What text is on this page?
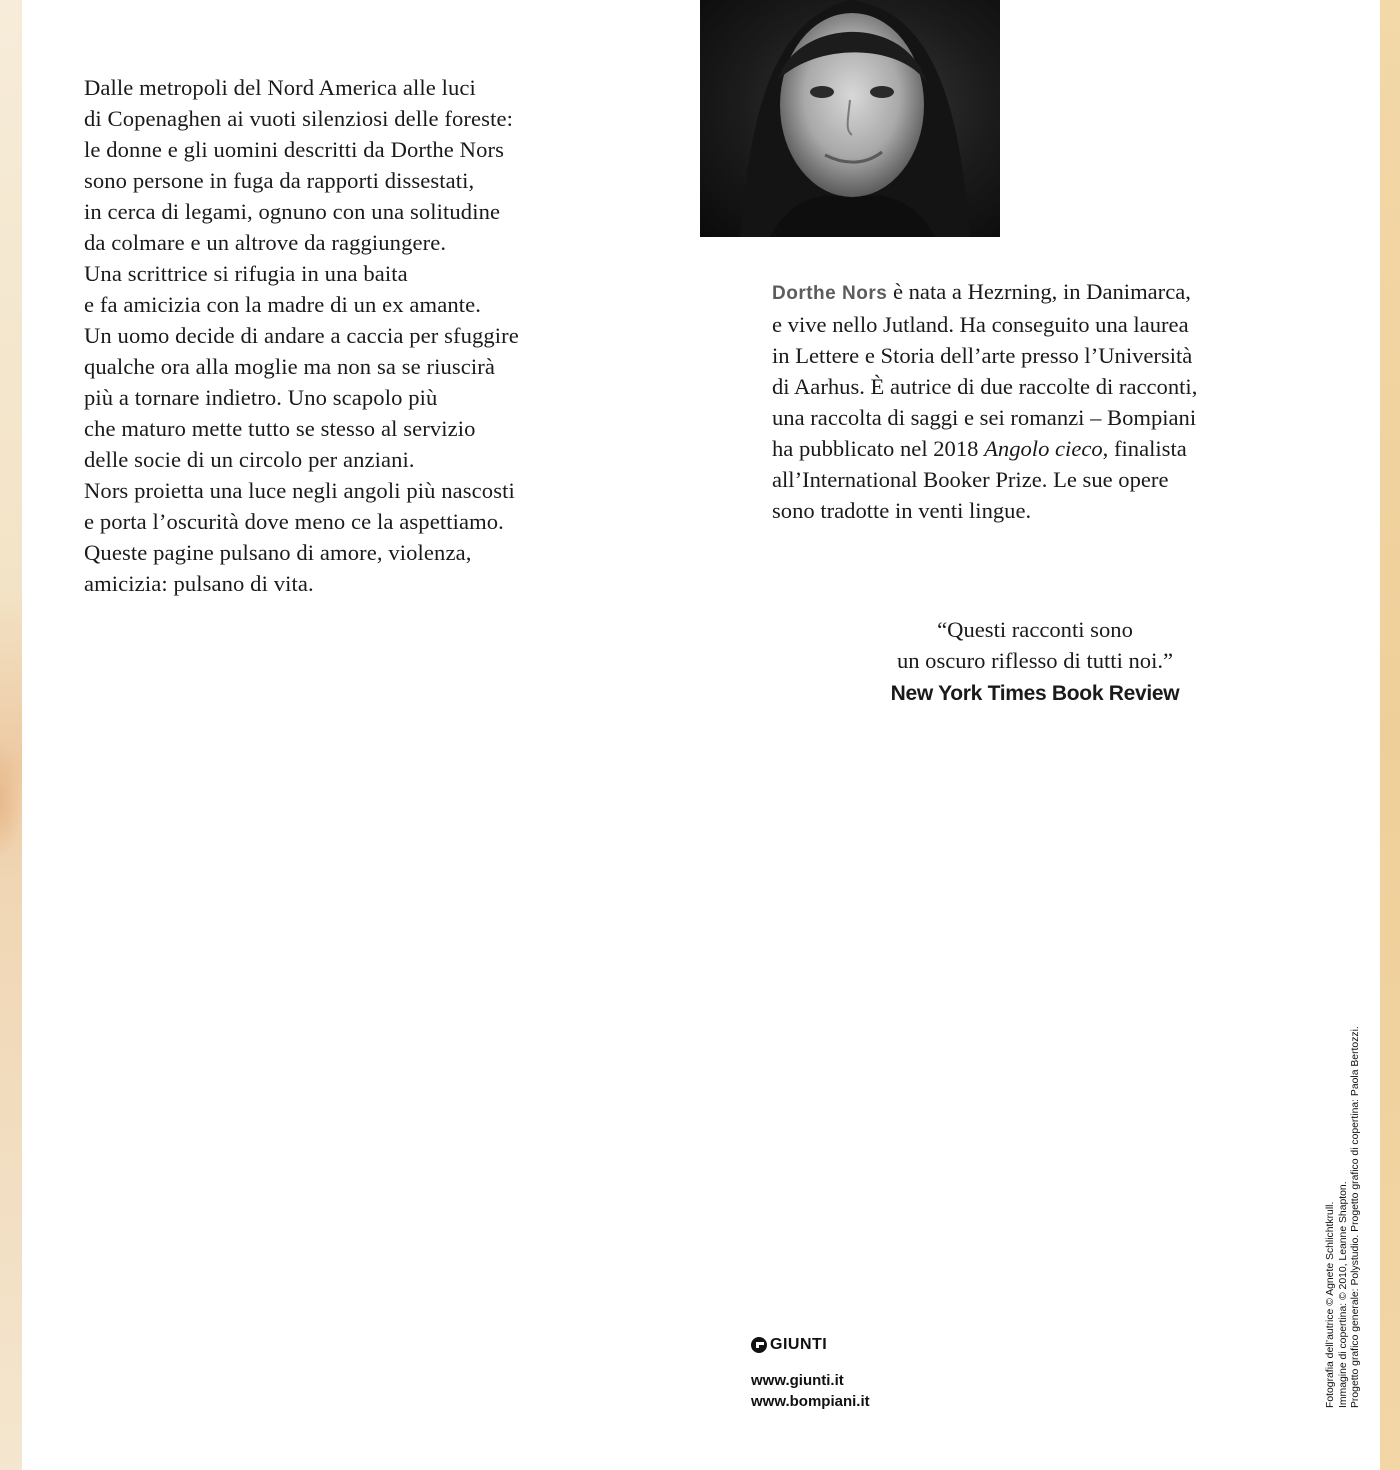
Dalle metropoli del Nord America alle luci
di Copenaghen ai vuoti silenziosi delle foreste:
le donne e gli uomini descritti da Dorthe Nors
sono persone in fuga da rapporti dissestati,
in cerca di legami, ognuno con una solitudine
da colmare e un altrove da raggiungere.
Una scrittrice si rifugia in una baita
e fa amicizia con la madre di un ex amante.
Un uomo decide di andare a caccia per sfuggire
qualche ora alla moglie ma non sa se riuscirà
più a tornare indietro. Uno scapolo più
che maturo mette tutto se stesso al servizio
delle socie di un circolo per anziani.
Nors proietta una luce negli angoli più nascosti
e porta l’oscurità dove meno ce la aspettiamo.
Queste pagine pulsano di amore, violenza,
amicizia: pulsano di vita.
Dorthe Nors è nata a Hezrning, in Danimarca,
e vive nello Jutland. Ha conseguito una laurea
in Lettere e Storia dell’arte presso l’Università
di Aarhus. È autrice di due raccolte di racconti,
una raccolta di saggi e sei romanzi – Bompiani
ha pubblicato nel 2018 Angolo cieco, finalista
all’International Booker Prize. Le sue opere
sono tradotte in venti lingue.
“Questi racconti sono
un oscuro riflesso di tutti noi.”
New York Times Book Review
GIUNTI
www.giunti.it
www.bompiani.it	Fotografia dell’autrice © Agnete Schlichtkrull. Immagine di copertina: © 2010, Leanne Shapton. Progetto grafico generale: Polystudio. Progetto grafico di copertina: Paola Bertozzi.
